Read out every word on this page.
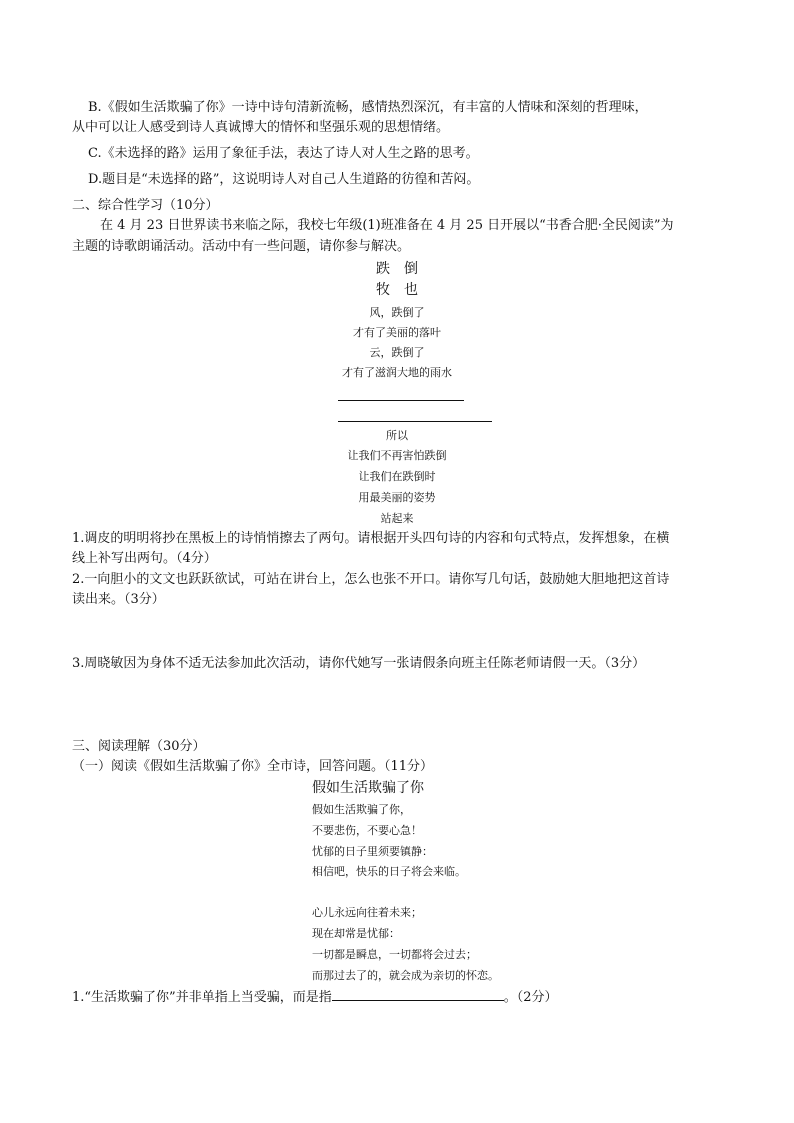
B.《假如生活欺骗了你》一诗中诗句清新流畅，感情热烈深沉，有丰富的人情味和深刻的哲理味，
从中可以让人感受到诗人真诚博大的情怀和坚强乐观的思想情绪。
C.《未选择的路》运用了象征手法，表达了诗人对人生之路的思考。
D.题目是“未选择的路”，这说明诗人对自己人生道路的彷徨和苦闷。
二、综合性学习（10分）
在 4 月 23 日世界读书来临之际，我校七年级(1)班准备在 4 月 25 日开展以“书香合肥·全民阅读”为
主题的诗歌朗诵活动。活动中有一些问题，请你参与解决。
跌　倒
牧　也
风，跌倒了
才有了美丽的落叶
云，跌倒了
才有了滋润大地的雨水
所以
让我们不再害怕跌倒
让我们在跌倒时
用最美丽的姿势
站起来
1.调皮的明明将抄在黑板上的诗悄悄擦去了两句。请根据开头四句诗的内容和句式特点，发挥想象，在横
线上补写出两句。（4分）
2.一向胆小的文文也跃跃欲试，可站在讲台上，怎么也张不开口。请你写几句话，鼓励她大胆地把这首诗
读出来。（3分）
3.周晓敏因为身体不适无法参加此次活动，请你代她写一张请假条向班主任陈老师请假一天。（3分）
三、阅读理解（30分）
（一）阅读《假如生活欺骗了你》全市诗，回答问题。（11分）
假如生活欺骗了你
假如生活欺骗了你，
不要悲伤，不要心急！
忧郁的日子里须要镇静：
相信吧，快乐的日子将会来临。
心儿永远向往着未来；
现在却常是忧郁：
一切都是瞬息，一切都将会过去；
而那过去了的，就会成为亲切的怀恋。
1.“生活欺骗了你”并非单指上当受骗，而是指	。（2分）
